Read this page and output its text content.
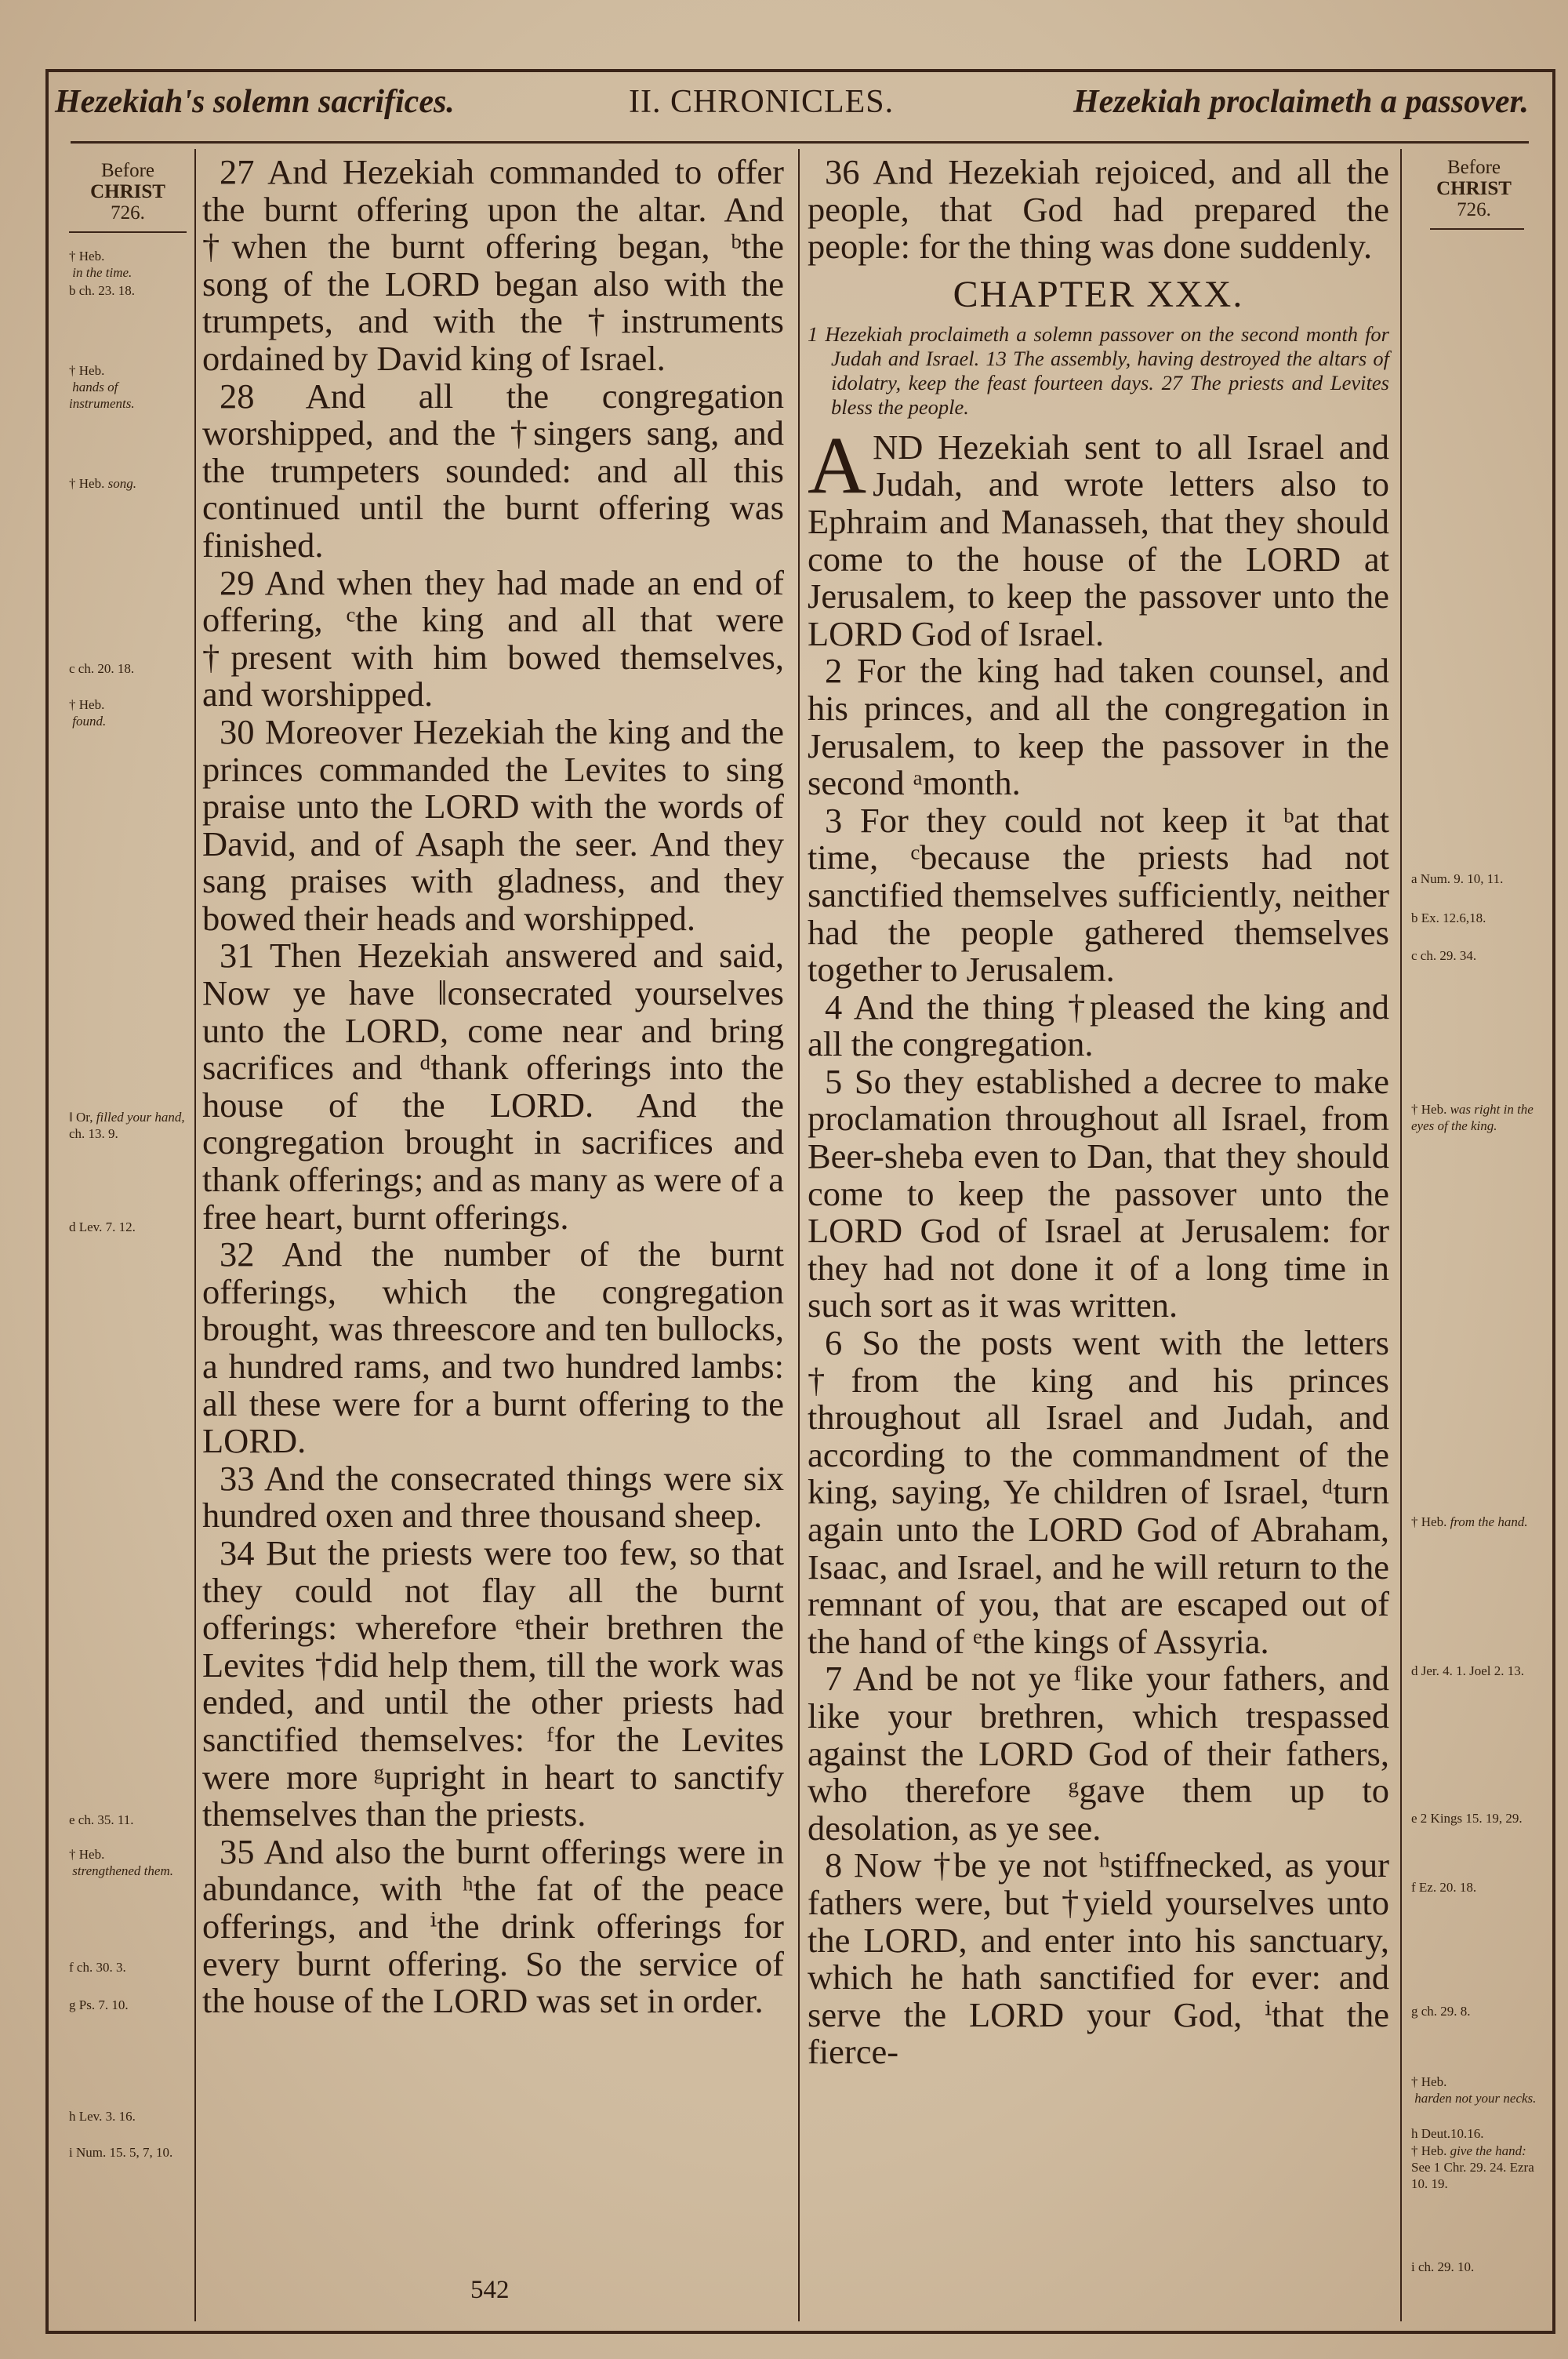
Hezekiah's solemn sacrifices.	II. CHRONICLES.	Hezekiah proclaimeth a passover.
Before
CHRIST
726.
† Heb.
in the time.
b ch. 23. 18.
† Heb.
hands of instruments.
† Heb. song.
c ch. 20. 18.
† Heb.
found.
‖ Or, filled your hand, ch. 13. 9.
d Lev. 7. 12.
e ch. 35. 11.
† Heb.
strengthened them.
f ch. 30. 3.
g Ps. 7. 10.
h Lev. 3. 16.
i Num. 15. 5, 7, 10.

27 And Hezekiah commanded to offer the burnt offering upon the altar. And †when the burnt offering began, ᵇthe song of the LORD began also with the trumpets, and with the †instruments ordained by David king of Israel.

28 And all the congregation worshipped, and the †singers sang, and the trumpeters sounded: and all this continued until the burnt offering was finished.

29 And when they had made an end of offering, ᶜthe king and all that were †present with him bowed themselves, and worshipped.

30 Moreover Hezekiah the king and the princes commanded the Levites to sing praise unto the LORD with the words of David, and of Asaph the seer. And they sang praises with gladness, and they bowed their heads and worshipped.

31 Then Hezekiah answered and said, Now ye have ‖consecrated yourselves unto the LORD, come near and bring sacrifices and ᵈthank offerings into the house of the LORD. And the congregation brought in sacrifices and thank offerings; and as many as were of a free heart, burnt offerings.

32 And the number of the burnt offerings, which the congregation brought, was threescore and ten bullocks, a hundred rams, and two hundred lambs: all these were for a burnt offering to the LORD.

33 And the consecrated things were six hundred oxen and three thousand sheep.

34 But the priests were too few, so that they could not flay all the burnt offerings: wherefore ᵉtheir brethren the Levites †did help them, till the work was ended, and until the other priests had sanctified themselves: ᶠfor the Levites were more ᵍupright in heart to sanctify themselves than the priests.

35 And also the burnt offerings were in abundance, with ʰthe fat of the peace offerings, and ⁱthe drink offerings for every burnt offering. So the service of the house of the LORD was set in order.

36 And Hezekiah rejoiced, and all the people, that God had prepared the people: for the thing was done suddenly.

CHAPTER XXX.
1 Hezekiah proclaimeth a solemn passover on the second month for Judah and Israel. 13 The assembly, having destroyed the altars of idolatry, keep the feast fourteen days. 27 The priests and Levites bless the people.

AND Hezekiah sent to all Israel and Judah, and wrote letters also to Ephraim and Manasseh, that they should come to the house of the LORD at Jerusalem, to keep the passover unto the LORD God of Israel.

2 For the king had taken counsel, and his princes, and all the congregation in Jerusalem, to keep the passover in the second ᵃmonth.

3 For they could not keep it ᵇat that time, ᶜbecause the priests had not sanctified themselves sufficiently, neither had the people gathered themselves together to Jerusalem.

4 And the thing †pleased the king and all the congregation.

5 So they established a decree to make proclamation throughout all Israel, from Beer-sheba even to Dan, that they should come to keep the passover unto the LORD God of Israel at Jerusalem: for they had not done it of a long time in such sort as it was written.

6 So the posts went with the letters †from the king and his princes throughout all Israel and Judah, and according to the commandment of the king, saying, Ye children of Israel, ᵈturn again unto the LORD God of Abraham, Isaac, and Israel, and he will return to the remnant of you, that are escaped out of the hand of ᵉthe kings of Assyria.

7 And be not ye ᶠlike your fathers, and like your brethren, which trespassed against the LORD God of their fathers, who therefore ᵍgave them up to desolation, as ye see.

8 Now †be ye not ʰstiffnecked, as your fathers were, but †yield yourselves unto the LORD, and enter into his sanctuary, which he hath sanctified for ever: and serve the LORD your God, ⁱthat the fierce-

Before
CHRIST
726.
a Num. 9. 10, 11.
b Ex. 12.6,18.
c ch. 29. 34.
† Heb. was right in the eyes of the king.
† Heb. from the hand.
d Jer. 4. 1. Joel 2. 13.
e 2 Kings 15. 19, 29.
f Ez. 20. 18.
g ch. 29. 8.
† Heb.
harden not your necks.
h Deut.10.16.
† Heb. give the hand: See 1 Chr. 29. 24. Ezra 10. 19.
i ch. 29. 10.
542
